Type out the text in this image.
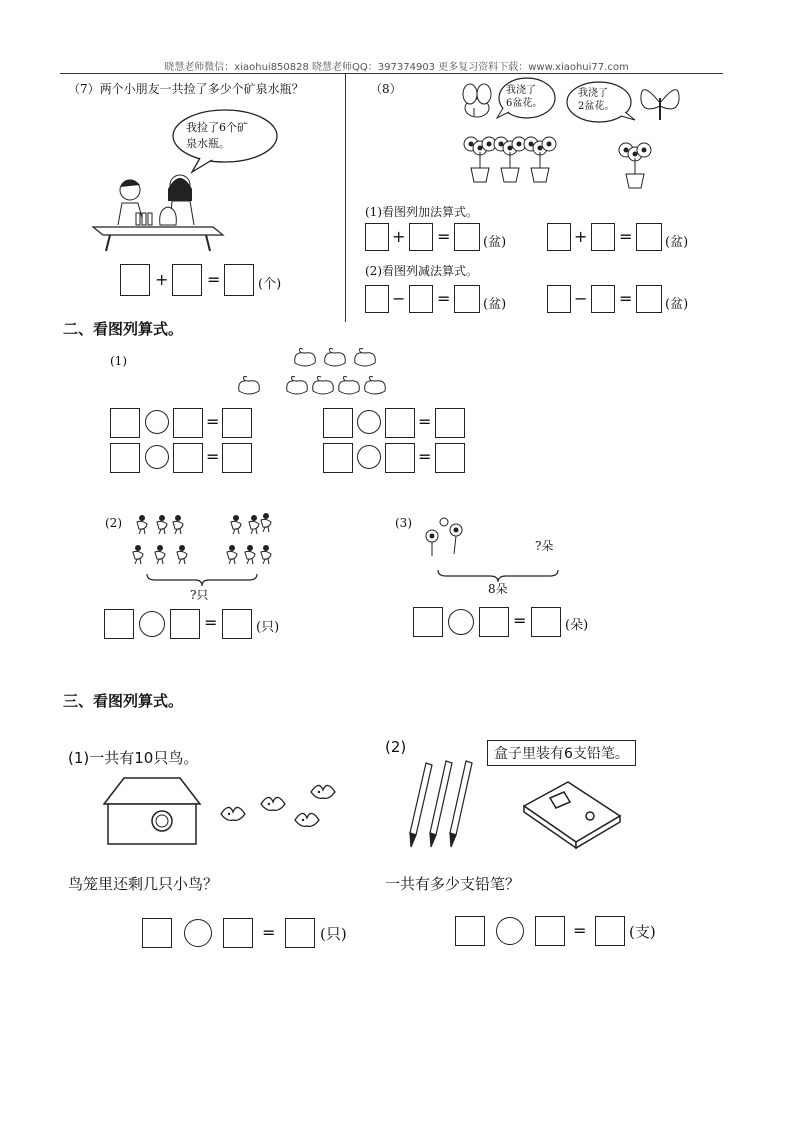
晓慧老师微信：xiaohui850828 晓慧老师QQ：397374903 更多复习资料下载：www.xiaohui77.com
（7）两个小朋友一共捡了多少个矿泉水瓶？
我捡了6个矿
泉水瓶。
+ =	(个)
（8）	我浇了
6盆花。
我浇了
2盆花。
(1)看图列加法算式。
+ =	(盆)	+ =	(盆)
(2)看图列减法算式。
− =	(盆)	− =	(盆)
二、看图列算式。
(1)
=
=
=
=
(2)
?只
=	(只)
(3)
?朵
8朵
=	(朵)
三、看图列算式。
(1)一共有10只鸟。
鸟笼里还剩几只小鸟？
=	(只)
(2)	盒子里装有6支铅笔。
一共有多少支铅笔？
=	(支)
